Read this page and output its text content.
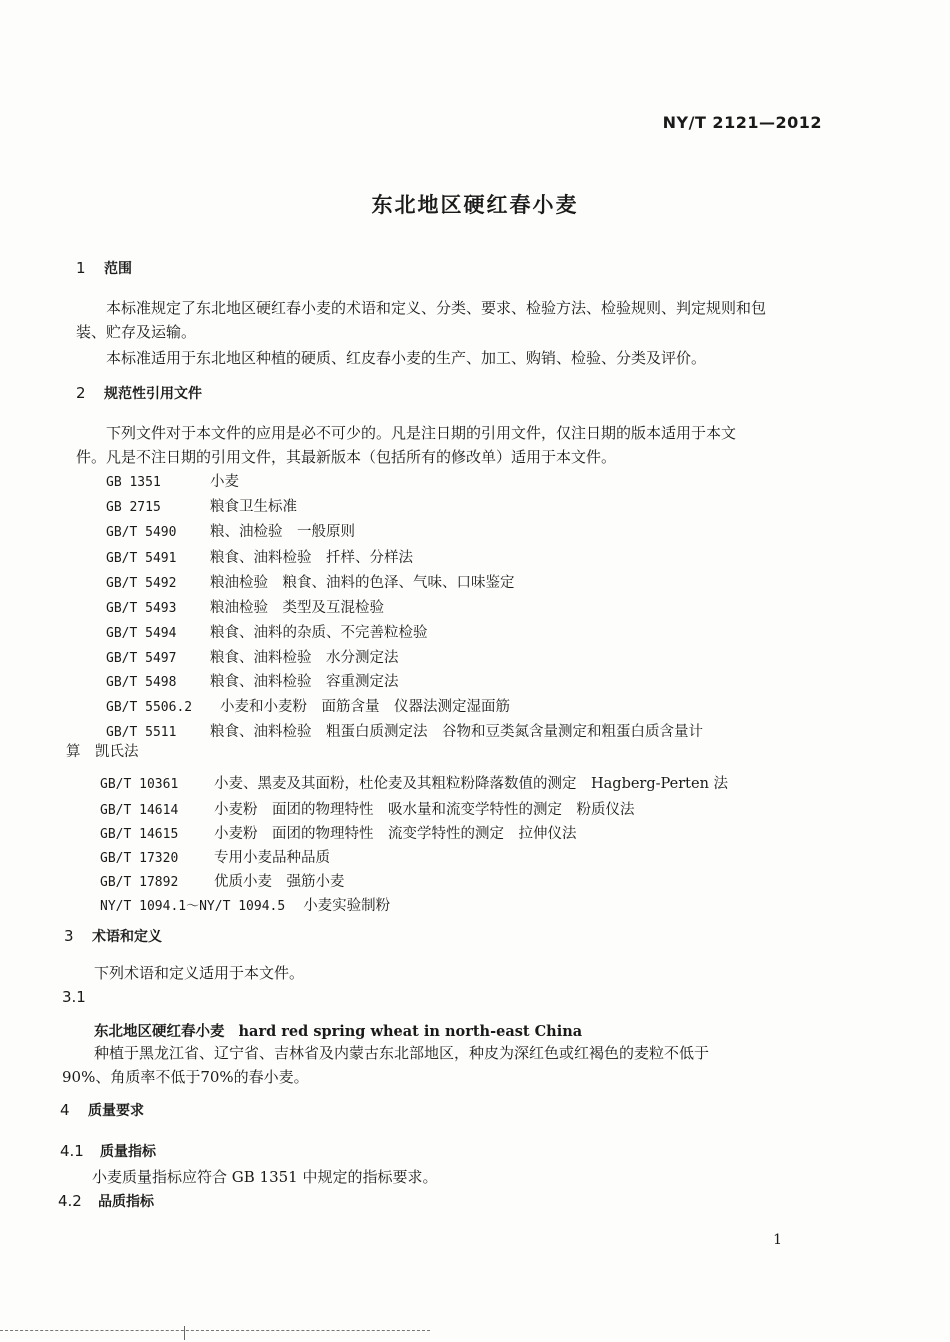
NY/T 2121—2012
东北地区硬红春小麦
1 范围
本标准规定了东北地区硬红春小麦的术语和定义、分类、要求、检验方法、检验规则、判定规则和包
装、贮存及运输。
本标准适用于东北地区种植的硬质、红皮春小麦的生产、加工、购销、检验、分类及评价。
2 规范性引用文件
下列文件对于本文件的应用是必不可少的。凡是注日期的引用文件，仅注日期的版本适用于本文
件。凡是不注日期的引用文件，其最新版本（包括所有的修改单）适用于本文件。
GB 1351	小麦
GB 2715	粮食卫生标准
GB/T 5490 粮、油检验　一般原则
GB/T 5491 粮食、油料检验　扦样、分样法
GB/T 5492 粮油检验　粮食、油料的色泽、气味、口味鉴定
GB/T 5493 粮油检验　类型及互混检验
GB/T 5494 粮食、油料的杂质、不完善粒检验
GB/T 5497 粮食、油料检验　水分测定法
GB/T 5498 粮食、油料检验　容重测定法
GB/T 5506.2 小麦和小麦粉　面筋含量　仪器法测定湿面筋
GB/T 5511 粮食、油料检验　粗蛋白质测定法　谷物和豆类氮含量测定和粗蛋白质含量计
算　凯氏法
GB/T 10361 小麦、黑麦及其面粉，杜伦麦及其粗粒粉降落数值的测定　Hagberg-Perten 法
GB/T 14614 小麦粉　面团的物理特性　吸水量和流变学特性的测定　粉质仪法
GB/T 14615 小麦粉　面团的物理特性　流变学特性的测定　拉伸仪法
GB/T 17320 专用小麦品种品质
GB/T 17892 优质小麦　强筋小麦
NY/T 1094.1～NY/T 1094.5 小麦实验制粉
3 术语和定义
下列术语和定义适用于本文件。
3.1
东北地区硬红春小麦 hard red spring wheat in north-east China
种植于黑龙江省、辽宁省、吉林省及内蒙古东北部地区，种皮为深红色或红褐色的麦粒不低于
90%、角质率不低于70%的春小麦。
4 质量要求
4.1 质量指标
小麦质量指标应符合 GB 1351 中规定的指标要求。
4.2 品质指标
1
